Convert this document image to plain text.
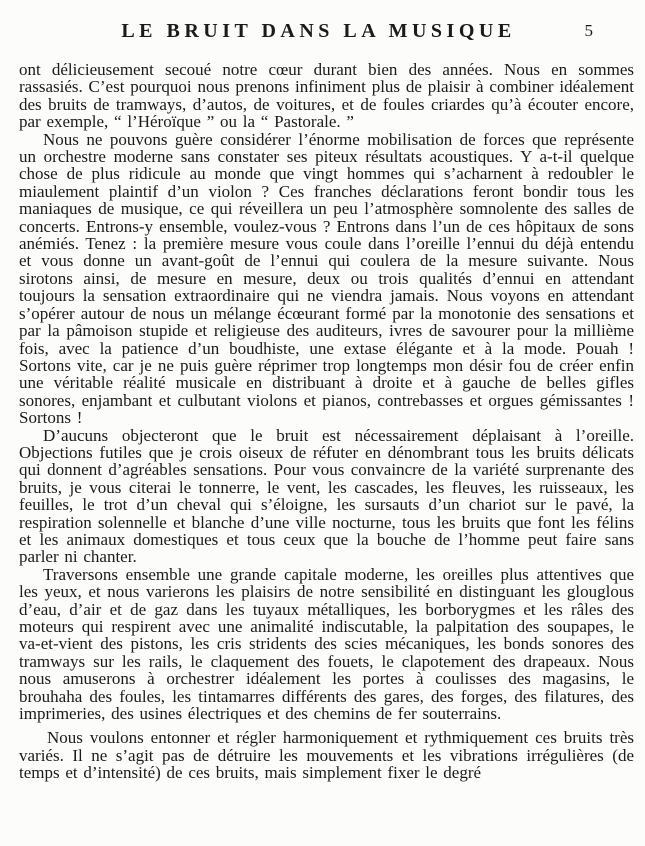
LE BRUIT DANS LA MUSIQUE	5

ont délicieusement secoué notre cœur durant bien des années. Nous en sommes rassasiés. C’est pourquoi nous prenons infiniment plus de plaisir à combiner idéalement des bruits de tramways, d’autos, de voitures, et de foules criardes qu’à écouter encore, par exemple, “ l’Héroïque ” ou la “ Pastorale. ”

Nous ne pouvons guère considérer l’énorme mobilisation de forces que représente un orchestre moderne sans constater ses piteux résultats acoustiques. Y a-t-il quelque chose de plus ridicule au monde que vingt hommes qui s’acharnent à redoubler le miaulement plaintif d’un violon ? Ces franches déclarations feront bondir tous les maniaques de musique, ce qui réveillera un peu l’atmosphère somnolente des salles de concerts. Entrons-y ensemble, voulez-vous ? Entrons dans l’un de ces hôpitaux de sons anémiés. Tenez : la première mesure vous coule dans l’oreille l’ennui du déjà entendu et vous donne un avant-goût de l’ennui qui coulera de la mesure suivante. Nous sirotons ainsi, de mesure en mesure, deux ou trois qualités d’ennui en attendant toujours la sensation extraordinaire qui ne viendra jamais. Nous voyons en attendant s’opérer autour de nous un mélange écœurant formé par la monotonie des sensations et par la pâmoison stupide et religieuse des auditeurs, ivres de savourer pour la millième fois, avec la patience d’un boudhiste, une extase élégante et à la mode. Pouah ! Sortons vite, car je ne puis guère réprimer trop longtemps mon désir fou de créer enfin une véritable réalité musicale en distribuant à droite et à gauche de belles gifles sonores, enjambant et culbutant violons et pianos, contrebasses et orgues gémissantes ! Sortons !

D’aucuns objecteront que le bruit est nécessairement déplaisant à l’oreille. Objections futiles que je crois oiseux de réfuter en dénombrant tous les bruits délicats qui donnent d’agréables sensations. Pour vous convaincre de la variété surprenante des bruits, je vous citerai le tonnerre, le vent, les cascades, les fleuves, les ruisseaux, les feuilles, le trot d’un cheval qui s’éloigne, les sursauts d’un chariot sur le pavé, la respiration solennelle et blanche d’une ville nocturne, tous les bruits que font les félins et les animaux domestiques et tous ceux que la bouche de l’homme peut faire sans parler ni chanter.

Traversons ensemble une grande capitale moderne, les oreilles plus attentives que les yeux, et nous varierons les plaisirs de notre sensibilité en distinguant les glouglous d’eau, d’air et de gaz dans les tuyaux métalliques, les borborygmes et les râles des moteurs qui respirent avec une animalité indiscutable, la palpitation des soupapes, le va-et-vient des pistons, les cris stridents des scies mécaniques, les bonds sonores des tramways sur les rails, le claquement des fouets, le clapotement des drapeaux. Nous nous amuserons à orchestrer idéalement les portes à coulisses des magasins, le brouhaha des foules, les tintamarres différents des gares, des forges, des filatures, des imprimeries, des usines électriques et des chemins de fer souterrains.

Nous voulons entonner et régler harmoniquement et rythmiquement ces bruits très variés. Il ne s’agit pas de détruire les mouvements et les vibrations irrégulières (de temps et d’intensité) de ces bruits, mais simplement fixer le degré
